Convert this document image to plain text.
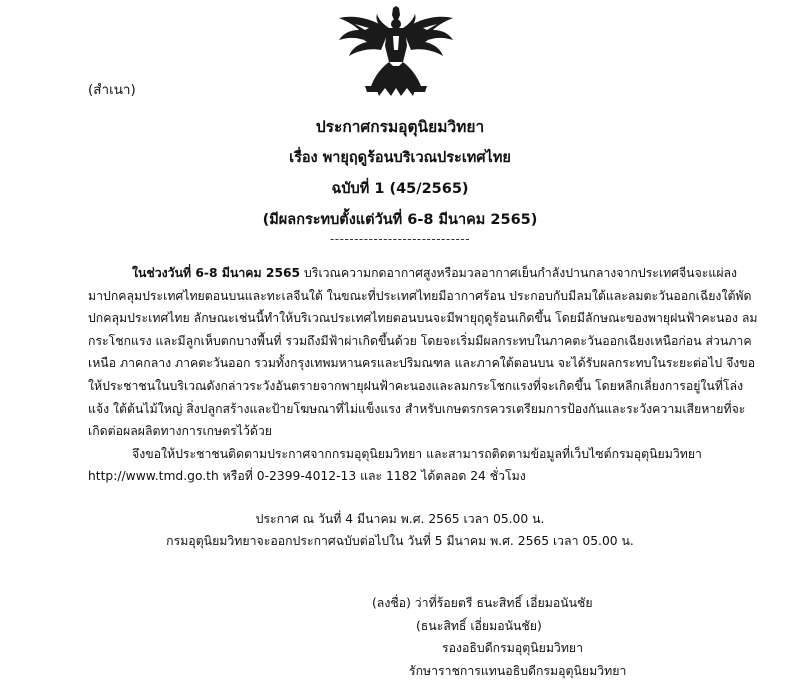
(สำเนา)
ประกาศกรมอุตุนิยมวิทยา
เรื่อง พายุฤดูร้อนบริเวณประเทศไทย
ฉบับที่ 1 (45/2565)
(มีผลกระทบตั้งแต่วันที่ 6-8 มีนาคม 2565)
-----------------------------

ในช่วงวันที่ 6-8 มีนาคม 2565 บริเวณความกดอากาศสูงหรือมวลอากาศเย็นกำลังปานกลางจากประเทศจีนจะแผ่ลงมาปกคลุมประเทศไทยตอนบนและทะเลจีนใต้ ในขณะที่ประเทศไทยมีอากาศร้อน ประกอบกับมีลมใต้และลมตะวันออกเฉียงใต้พัดปกคลุมประเทศไทย ลักษณะเช่นนี้ทำให้บริเวณประเทศไทยตอนบนจะมีพายุฤดูร้อนเกิดขึ้น โดยมีลักษณะของพายุฝนฟ้าคะนอง ลมกระโชกแรง และมีลูกเห็บตกบางพื้นที่ รวมถึงมีฟ้าผ่าเกิดขึ้นด้วย โดยจะเริ่มมีผลกระทบในภาคตะวันออกเฉียงเหนือก่อน ส่วนภาคเหนือ ภาคกลาง ภาคตะวันออก รวมทั้งกรุงเทพมหานครและปริมณฑล และภาคใต้ตอนบน จะได้รับผลกระทบในระยะต่อไป จึงขอให้ประชาชนในบริเวณดังกล่าวระวังอันตรายจากพายุฝนฟ้าคะนองและลมกระโชกแรงที่จะเกิดขึ้น โดยหลีกเลี่ยงการอยู่ในที่โล่งแจ้ง ใต้ต้นไม้ใหญ่ สิ่งปลูกสร้างและป้ายโฆษณาที่ไม่แข็งแรง สำหรับเกษตรกรควรเตรียมการป้องกันและระวังความเสียหายที่จะเกิดต่อผลผลิตทางการเกษตรไว้ด้วย

จึงขอให้ประชาชนติดตามประกาศจากกรมอุตุนิยมวิทยา และสามารถติดตามข้อมูลที่เว็บไซต์กรมอุตุนิยมวิทยา http://www.tmd.go.th หรือที่ 0-2399-4012-13 และ 1182 ได้ตลอด 24 ชั่วโมง

ประกาศ ณ วันที่ 4 มีนาคม พ.ศ. 2565 เวลา 05.00 น.
กรมอุตุนิยมวิทยาจะออกประกาศฉบับต่อไปใน วันที่ 5 มีนาคม พ.ศ. 2565 เวลา 05.00 น.
(ลงชื่อ) ว่าที่ร้อยตรี ธนะสิทธิ์ เอี่ยมอนันชัย
(ธนะสิทธิ์ เอี่ยมอนันชัย)
รองอธิบดีกรมอุตุนิยมวิทยา
รักษาราชการแทนอธิบดีกรมอุตุนิยมวิทยา
